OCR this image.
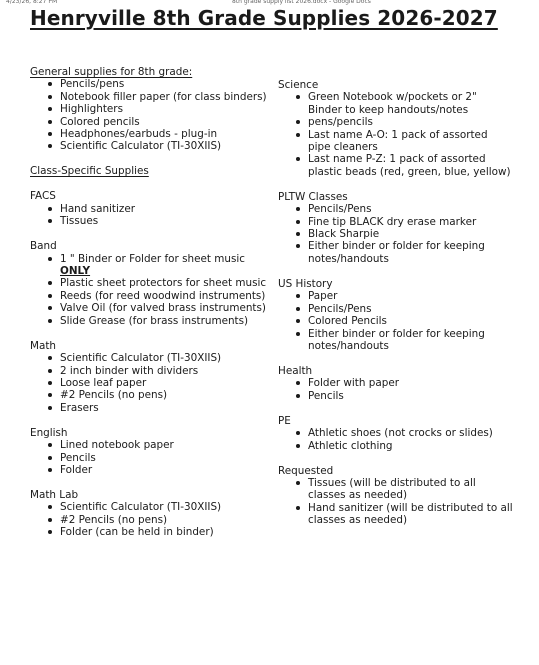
4/23/26, 8:27 PM	8th grade supply list 2026.docx - Google Docs
Henryville 8th Grade Supplies 2026-2027

General supplies for 8th grade:

Pencils/pens
Notebook filler paper (for class binders)
Highlighters
Colored pencils
Headphones/earbuds - plug-in
Scientific Calculator (TI-30XIIS)

Class-Specific Supplies

FACS

Hand sanitizer
Tissues

Band

1 " Binder or Folder for sheet music
ONLY
Plastic sheet protectors for sheet music
Reeds (for reed woodwind instruments)
Valve Oil (for valved brass instruments)
Slide Grease (for brass instruments)

Math

Scientific Calculator (TI-30XIIS)
2 inch binder with dividers
Loose leaf paper
#2 Pencils (no pens)
Erasers

English

Lined notebook paper
Pencils
Folder

Math Lab

Scientific Calculator (TI-30XIIS)
#2 Pencils (no pens)
Folder (can be held in binder)

Science

Green Notebook w/pockets or 2" Binder to keep handouts/notes
pens/pencils
Last name A-O: 1 pack of assorted pipe cleaners
Last name P-Z: 1 pack of assorted plastic beads (red, green, blue, yellow)

PLTW Classes

Pencils/Pens
Fine tip BLACK dry erase marker
Black Sharpie
Either binder or folder for keeping notes/handouts

US History

Paper
Pencils/Pens
Colored Pencils
Either binder or folder for keeping notes/handouts

Health

Folder with paper
Pencils

PE

Athletic shoes (not crocks or slides)
Athletic clothing

Requested

Tissues (will be distributed to all classes as needed)
Hand sanitizer (will be distributed to all classes as needed)
